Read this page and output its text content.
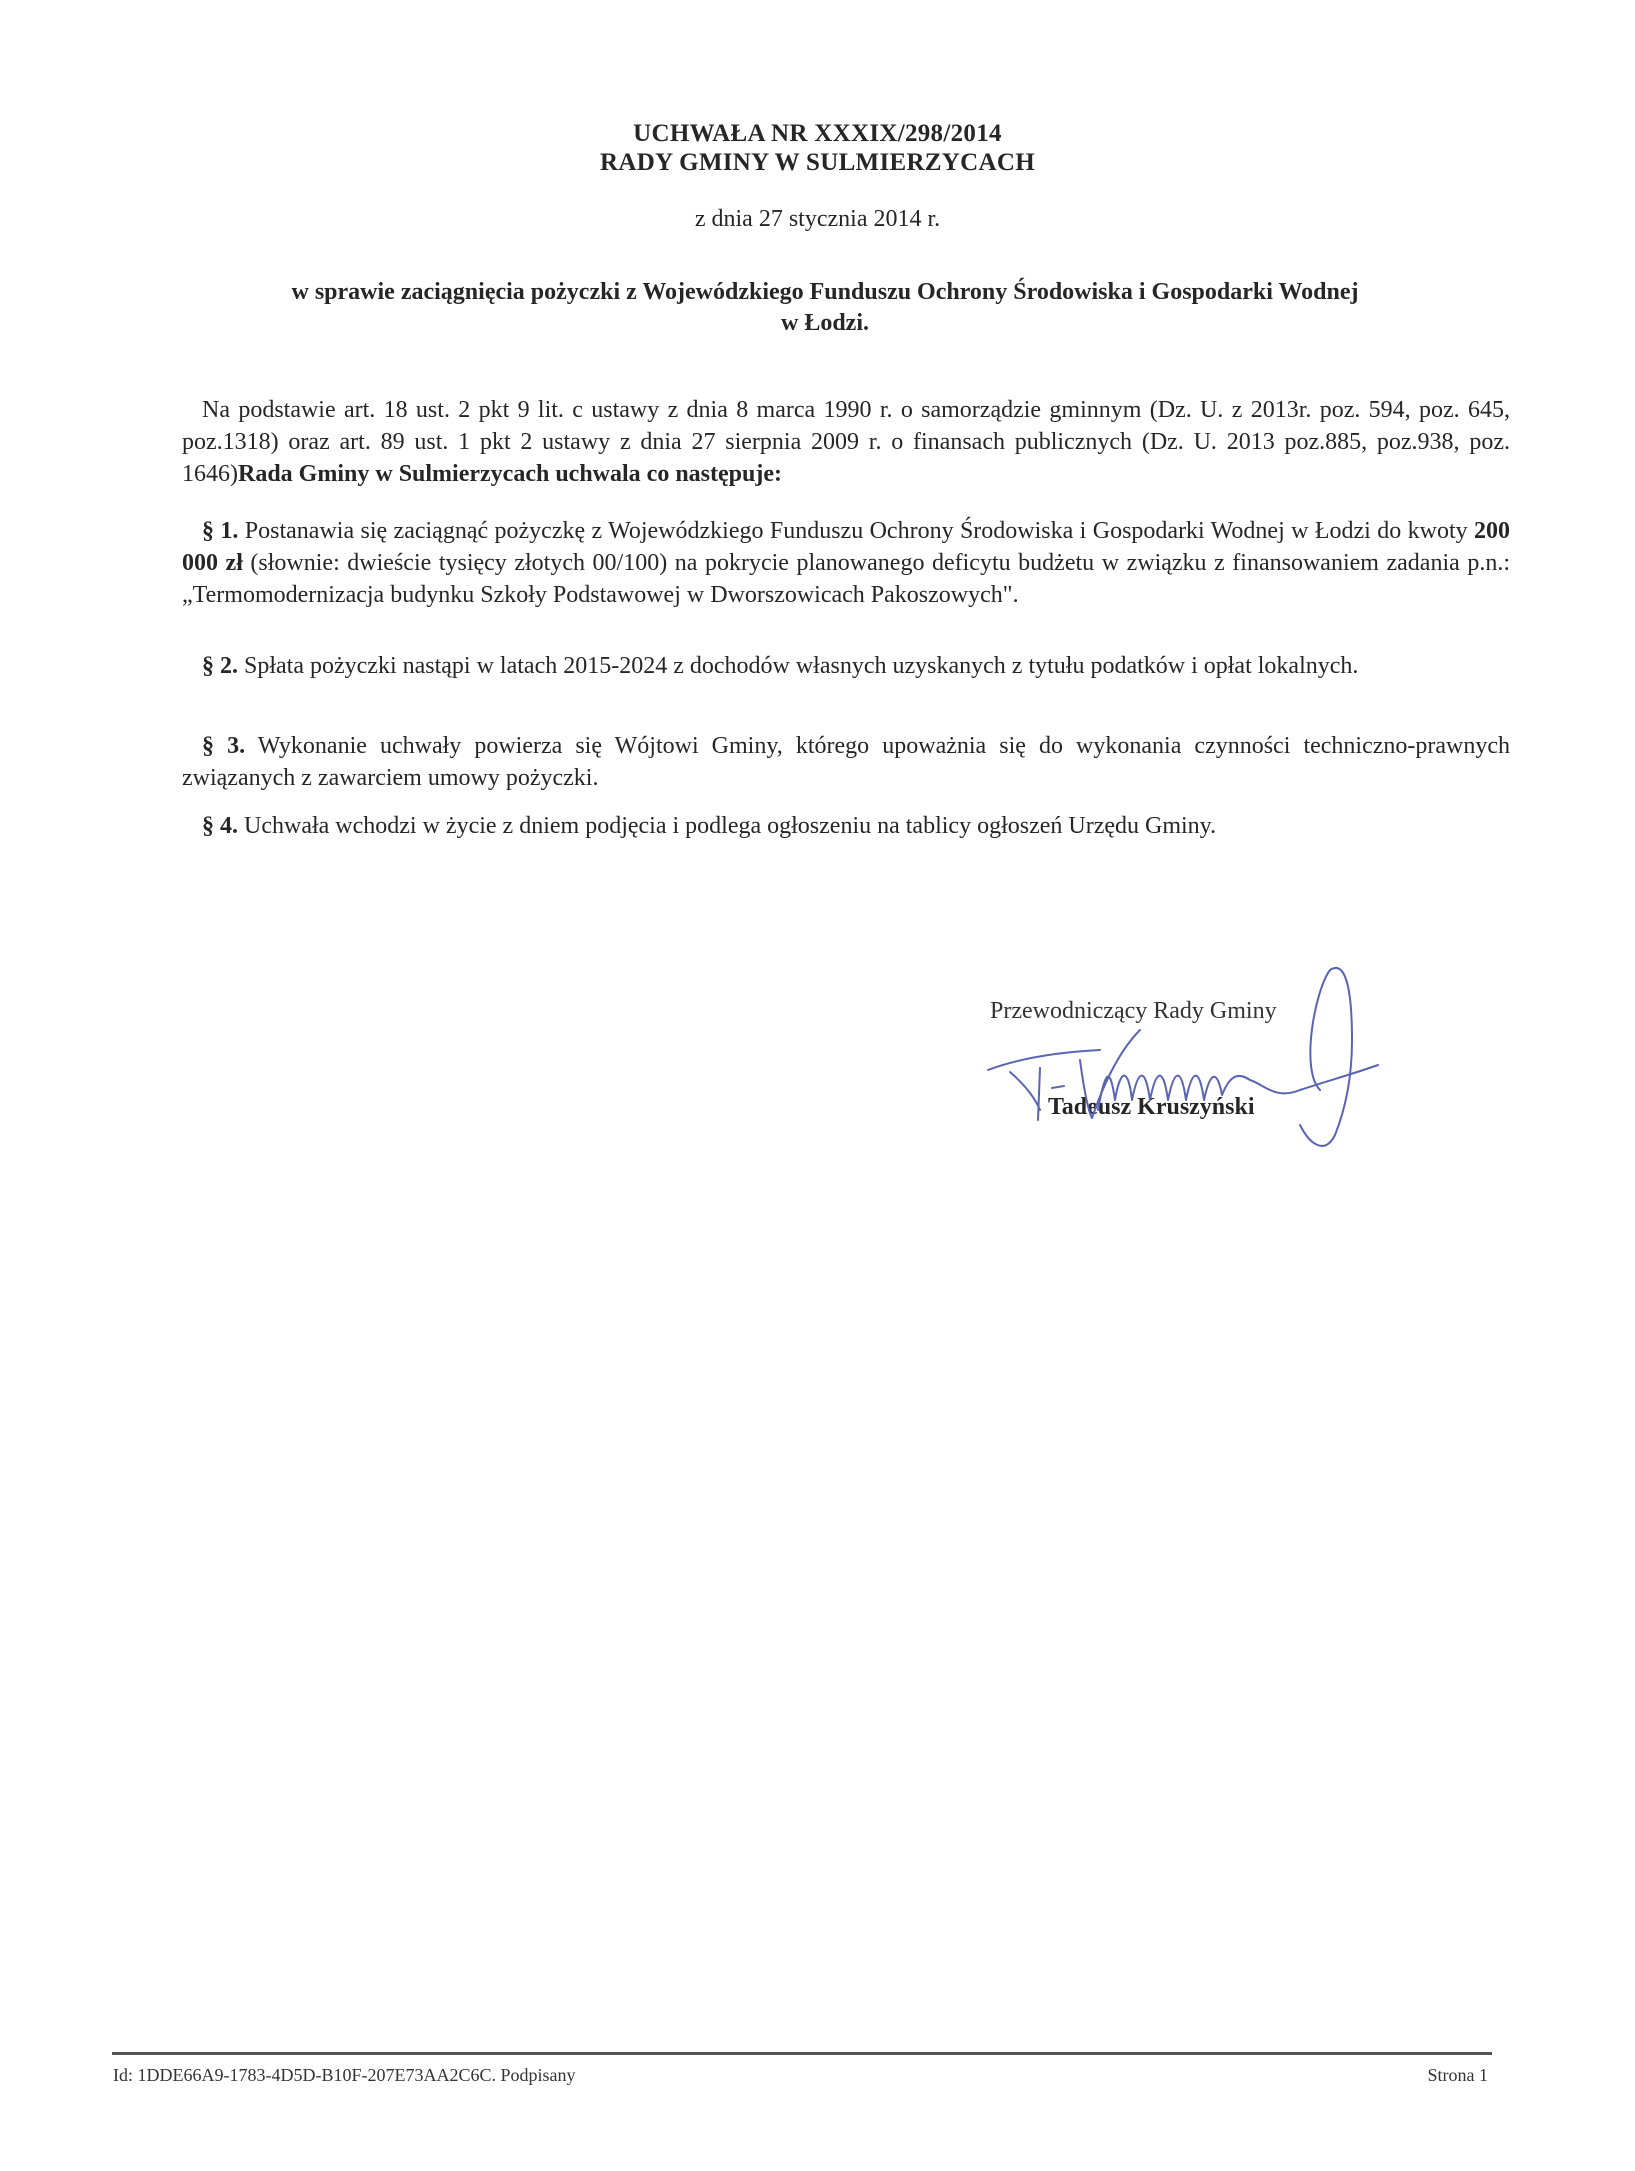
UCHWAŁA NR XXXIX/298/2014
RADY GMINY W SULMIERZYCACH
z dnia 27 stycznia 2014 r.
w sprawie zaciągnięcia pożyczki z Wojewódzkiego Funduszu Ochrony Środowiska i Gospodarki Wodnej
w Łodzi.
Na podstawie art. 18 ust. 2 pkt 9 lit. c ustawy z dnia 8 marca 1990 r. o samorządzie gminnym (Dz. U. z 2013r. poz. 594, poz. 645, poz.1318) oraz art. 89 ust. 1 pkt 2 ustawy z dnia 27 sierpnia 2009 r. o finansach publicznych (Dz. U. 2013 poz.885, poz.938, poz. 1646)Rada Gminy w Sulmierzycach uchwala co następuje:
§ 1. Postanawia się zaciągnąć pożyczkę z Wojewódzkiego Funduszu Ochrony Środowiska i Gospodarki Wodnej w Łodzi do kwoty 200 000 zł (słownie: dwieście tysięcy złotych 00/100) na pokrycie planowanego deficytu budżetu w związku z finansowaniem zadania p.n.: „Termomodernizacja budynku Szkoły Podstawowej w Dworszowicach Pakoszowych".
§ 2. Spłata pożyczki nastąpi w latach 2015-2024 z dochodów własnych uzyskanych z tytułu podatków i opłat lokalnych.
§ 3. Wykonanie uchwały powierza się Wójtowi Gminy, którego upoważnia się do wykonania czynności techniczno-prawnych związanych z zawarciem umowy pożyczki.
§ 4. Uchwała wchodzi w życie z dniem podjęcia i podlega ogłoszeniu na tablicy ogłoszeń Urzędu Gminy.
Przewodniczący Rady Gminy
Tadeusz Kruszyński
Id: 1DDE66A9-1783-4D5D-B10F-207E73AA2C6C. Podpisany	Strona 1
